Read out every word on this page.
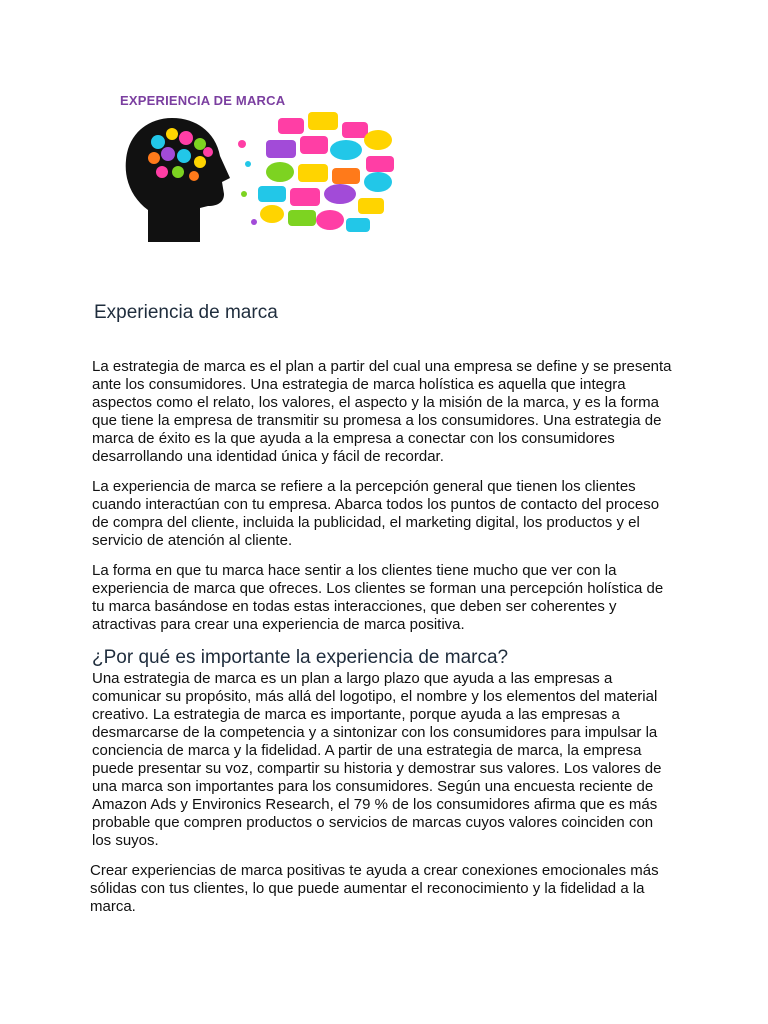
EXPERIENCIA DE MARCA

Experiencia de marca

La estrategia de marca es el plan a partir del cual una empresa se define y se presenta ante los consumidores. Una estrategia de marca holística es aquella que integra aspectos como el relato, los valores, el aspecto y la misión de la marca, y es la forma que tiene la empresa de transmitir su promesa a los consumidores. Una estrategia de marca de éxito es la que ayuda a la empresa a conectar con los consumidores desarrollando una identidad única y fácil de recordar.

La experiencia de marca se refiere a la percepción general que tienen los clientes cuando interactúan con tu empresa. Abarca todos los puntos de contacto del proceso de compra del cliente, incluida la publicidad, el marketing digital, los productos y el servicio de atención al cliente.

La forma en que tu marca hace sentir a los clientes tiene mucho que ver con la experiencia de marca que ofreces. Los clientes se forman una percepción holística de tu marca basándose en todas estas interacciones, que deben ser coherentes y atractivas para crear una experiencia de marca positiva.

¿Por qué es importante la experiencia de marca?

Una estrategia de marca es un plan a largo plazo que ayuda a las empresas a comunicar su propósito, más allá del logotipo, el nombre y los elementos del material creativo. La estrategia de marca es importante, porque ayuda a las empresas a desmarcarse de la competencia y a sintonizar con los consumidores para impulsar la conciencia de marca y la fidelidad. A partir de una estrategia de marca, la empresa puede presentar su voz, compartir su historia y demostrar sus valores. Los valores de una marca son importantes para los consumidores. Según una encuesta reciente de Amazon Ads y Environics Research, el 79 % de los consumidores afirma que es más probable que compren productos o servicios de marcas cuyos valores coinciden con los suyos.

Crear experiencias de marca positivas te ayuda a crear conexiones emocionales más sólidas con tus clientes, lo que puede aumentar el reconocimiento y la fidelidad a la marca.
